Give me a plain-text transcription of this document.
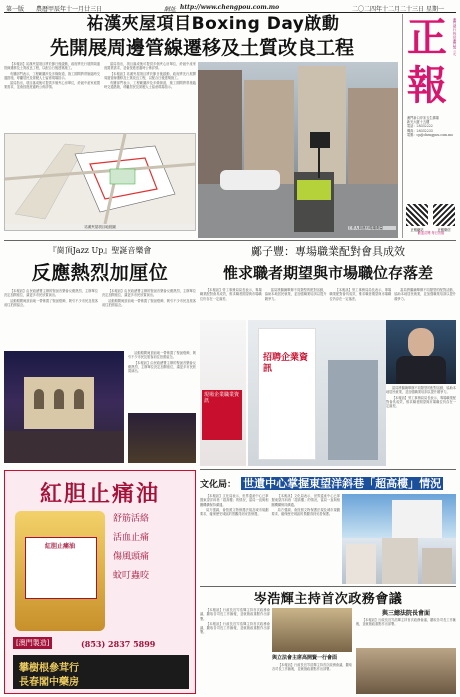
第一版 農曆甲辰年十一月廿三日	網址 http://www.chengpou.com.mo	二〇二四年十二月二十三日 星期一
祐漢夾屋項目Boxing Day啟動
先開展周邊管線遷移及土質改良工程	正
報
澳門發行 每份澳門幣三元
澳門新口岸宋玉生廣場
新光大廈十五樓
電話：28332222
傳真：28332233
電郵：cp@chengpou.com.mo
正報網站	正報微信
歡迎訂閱 每日出版

【本報訊】祐漢夾屋項目將於節日後啟動，政府將先行展開周邊管線遷移及土質改良工程，以配合日後建築施工。

有關部門表示，工程範圍涉及多條街道，施工期間將實施臨時交通措施，呼籲居民及駕駛人士留意現場指示。

當局指出，項目落成後可提供多個夾心房單位，紓緩中產家庭置業需求，並會按進度適時公佈詳情。

當局指出，項目落成後可提供多個夾心房單位，紓緩中產家庭置業需求，並會按進度適時公佈詳情。

【本報訊】祐漢夾屋項目將於節日後啟動，政府將先行展開周邊管線遷移及土質改良工程，以配合日後建築施工。

有關部門表示，工程範圍涉及多條街道，施工期間將實施臨時交通措施，呼籲居民及駕駛人士留意現場指示。

祐漢夾屋項目地段圖	工作人員進行現場測量
『崗頂Jazz Up』聖誕音樂會
反應熱烈加厘位

【本報訊】由民政總署主辦的聖誕音樂會反應熱烈，主辦單位決定加開座位，讓更多市民欣賞演出。

活動期間崗頂前地一帶佈置了聖誕燈飾，吸引不少市民及旅客前往拍照留念。

【本報訊】由民政總署主辦的聖誕音樂會反應熱烈，主辦單位決定加開座位，讓更多市民欣賞演出。

活動期間崗頂前地一帶佈置了聖誕燈飾，吸引不少市民及旅客前往拍照留念。

活動期間崗頂前地一帶佈置了聖誕燈飾，吸引不少市民及旅客前往拍照留念。

【本報訊】由民政總署主辦的聖誕音樂會反應熱烈，主辦單位決定加開座位，讓更多市民欣賞演出。

鄺子豐：專場職業配對會具成效
惟求職者期望與市場職位存落差

【本報訊】勞工事務局局長表示，專場職業配對會具成效，惟求職者期望與市場職位仍存在一定落差。

當局將繼續舉辦不同類型的配對活動，協助本地居民就業，並加強職業培訓以提升競爭力。

【本報訊】勞工事務局局長表示，專場職業配對會具成效，惟求職者期望與市場職位仍存在一定落差。

當局將繼續舉辦不同類型的配對活動，協助本地居民就業，並加強職業培訓以提升競爭力。

當局將繼續舉辦不同類型的配對活動，協助本地居民就業，並加強職業培訓以提升競爭力。

【本報訊】勞工事務局局長表示，專場職業配對會具成效，惟求職者期望與市場職位仍存在一定落差。

現場企業職業資訊
招聘企業資訊
紅胆止痛油
紅胆止痛油
舒筋活絡
活血止痛
傷風頭痛
蚊叮蟲咬
[澳門製造]	(853) 2837 5899
攀樹根參茸行
長春閣中藥房
文化局： 世遺中心掌握東望洋斜巷「超高樓」情況

【本報訊】文化局表示，世界遺產中心已掌握東望洋斜巷「超高樓」的情況，當局一直與相關機構保持溝通。

局方強調，會按照文物保護法規及城市規劃要求，確保歷史城區的景觀得到妥善保護。

【本報訊】文化局表示，世界遺產中心已掌握東望洋斜巷「超高樓」的情況，當局一直與相關機構保持溝通。

局方強調，會按照文物保護法規及城市規劃要求，確保歷史城區的景觀得到妥善保護。

岑浩輝主持首次政務會議

【本報訊】行政長官岑浩輝主持首次政務會議，聽取各司長工作匯報，並就施政重點作出部署。

【本報訊】行政長官岑浩輝主持首次政務會議，聽取各司長工作匯報，並就施政重點作出部署。

與立法會主席高開賢一行會面

【本報訊】行政長官岑浩輝主持首次政務會議，聽取各司長工作匯報，並就施政重點作出部署。

與三總法院長會面

【本報訊】行政長官岑浩輝主持首次政務會議，聽取各司長工作匯報，並就施政重點作出部署。
